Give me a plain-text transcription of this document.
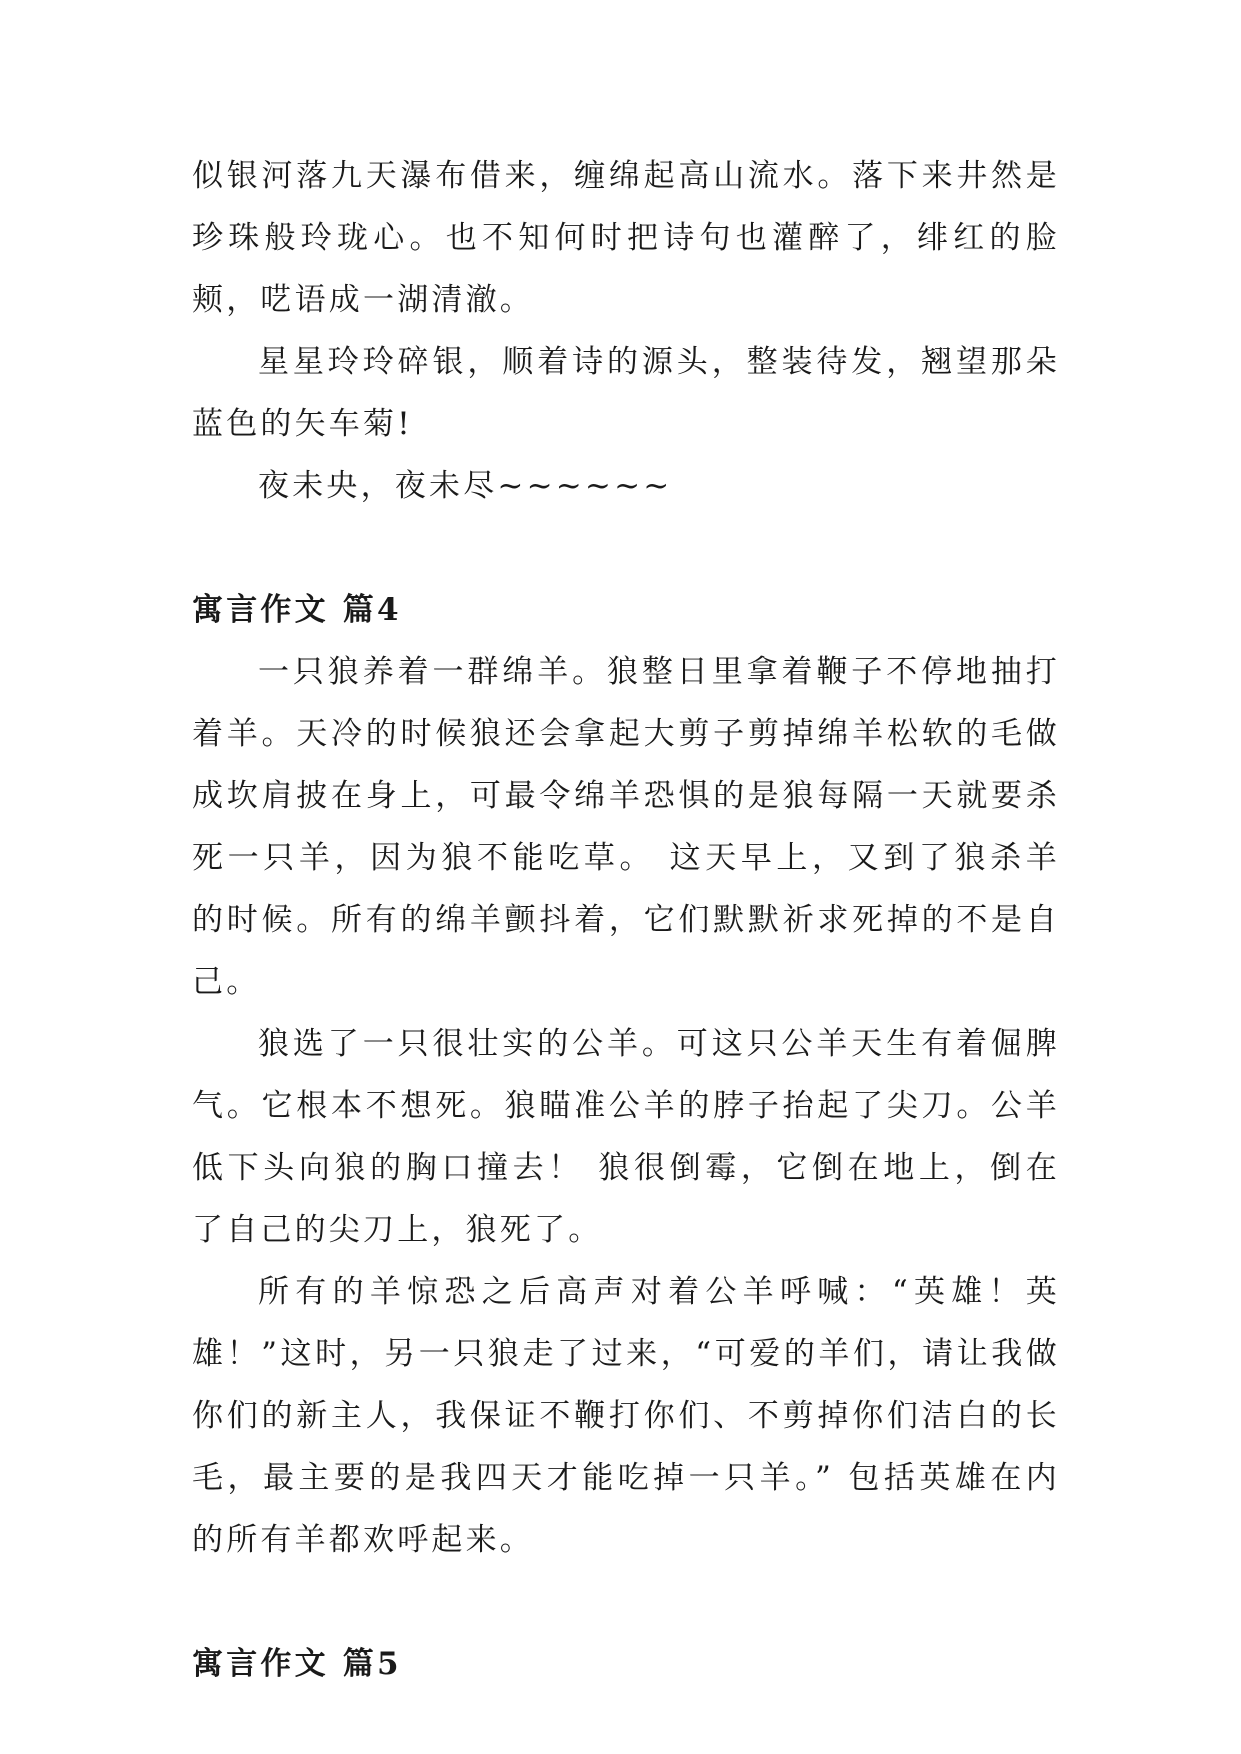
似银河落九天瀑布借来，缠绵起高山流水。落下来井然是珍珠般玲珑心。也不知何时把诗句也灌醉了，绯红的脸颊，呓语成一湖清澈。

星星玲玲碎银，顺着诗的源头，整装待发，翘望那朵蓝色的矢车菊!

夜未央，夜未尽~~~~~~

寓言作文 篇4

一只狼养着一群绵羊。狼整日里拿着鞭子不停地抽打着羊。天冷的时候狼还会拿起大剪子剪掉绵羊松软的毛做成坎肩披在身上，可最令绵羊恐惧的是狼每隔一天就要杀死一只羊，因为狼不能吃草。 这天早上，又到了狼杀羊的时候。所有的绵羊颤抖着，它们默默祈求死掉的不是自己。

狼选了一只很壮实的公羊。可这只公羊天生有着倔脾气。它根本不想死。狼瞄准公羊的脖子抬起了尖刀。公羊低下头向狼的胸口撞去！ 狼很倒霉，它倒在地上，倒在了自己的尖刀上，狼死了。

所有的羊惊恐之后高声对着公羊呼喊：“英雄！英雄！”这时，另一只狼走了过来，“可爱的羊们，请让我做你们的新主人，我保证不鞭打你们、不剪掉你们洁白的长毛，最主要的是我四天才能吃掉一只羊。” 包括英雄在内的所有羊都欢呼起来。

寓言作文 篇5
